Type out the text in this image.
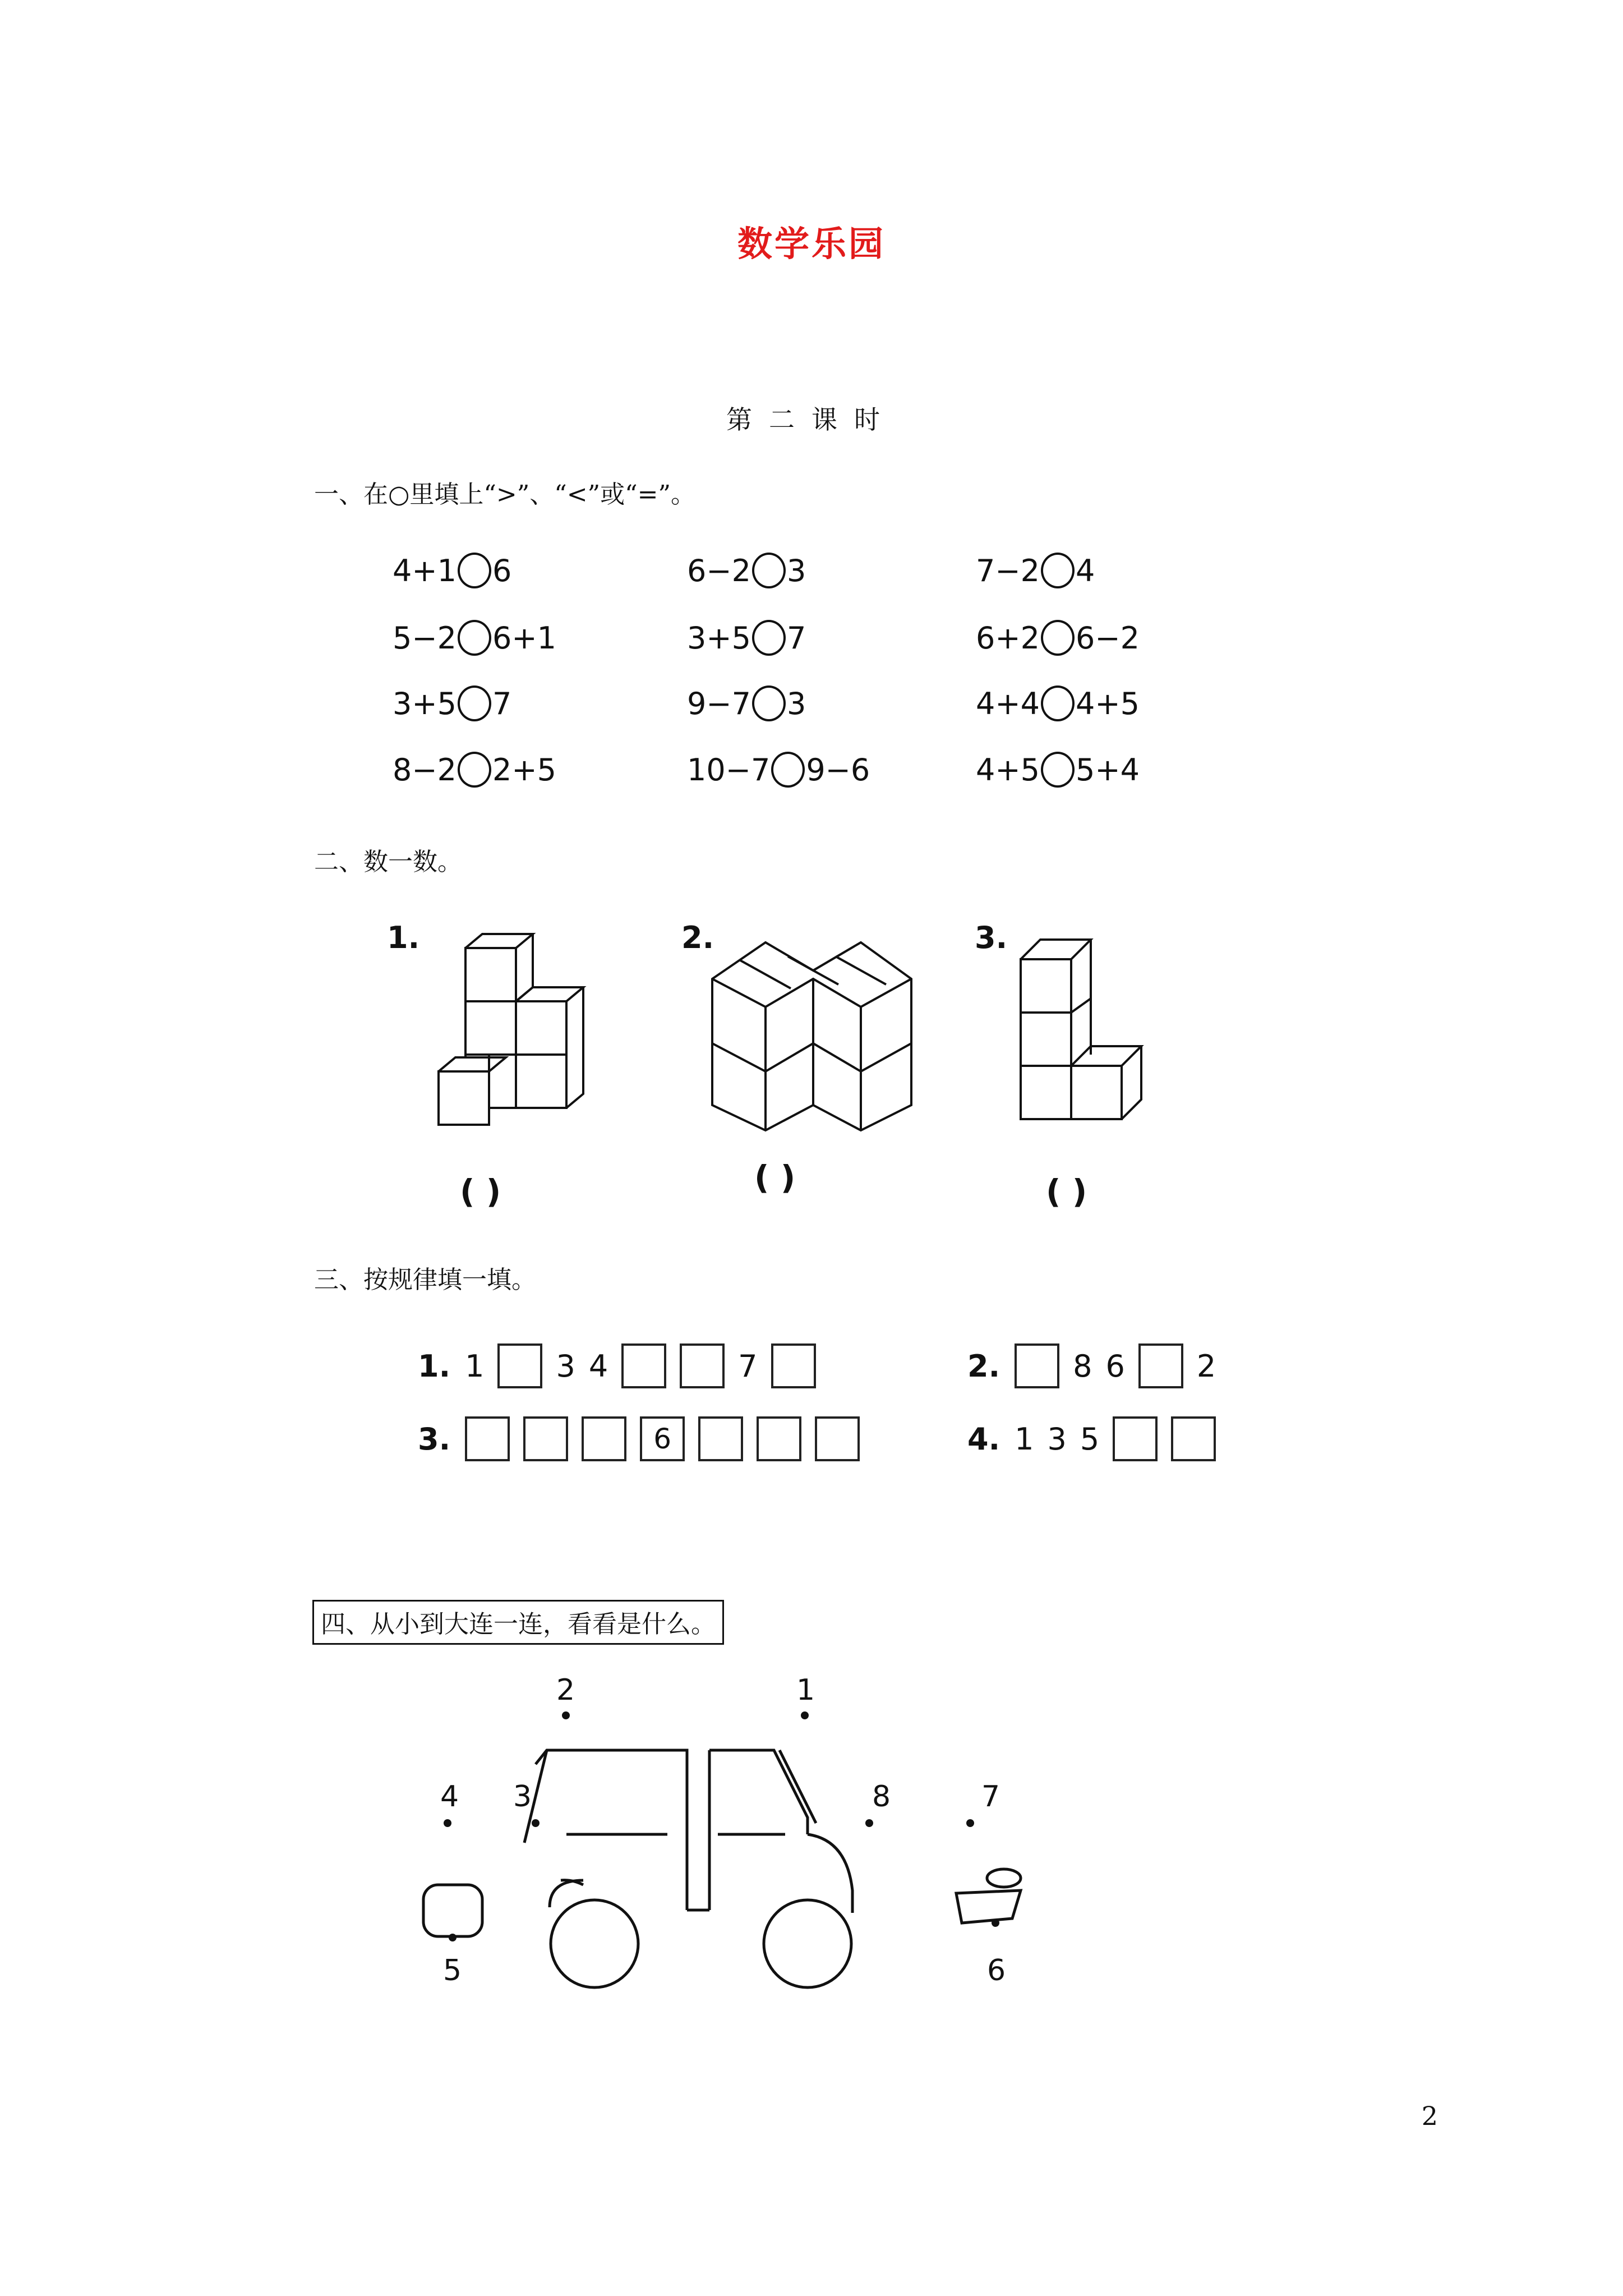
数学乐园
第二课时
一、在○里填上“>”、“<”或“=”。
4+1 6	6−2 3	7−2 4
5−2 6+1	3+5 7	6+2 6−2
3+5 7	9−7 3	4+4 4+5
8−2 2+5	10−7 9−6	4+5 5+4
二、数一数。
1.
( )
2.
( )
3.
( )
三、按规律填一填。
1. 1 3 4	7	2. 8 6 2
3.	6	4. 1 3 5
四、从小到大连一连，看看是什么。
2	1
3
4
5	6
7
8
2
